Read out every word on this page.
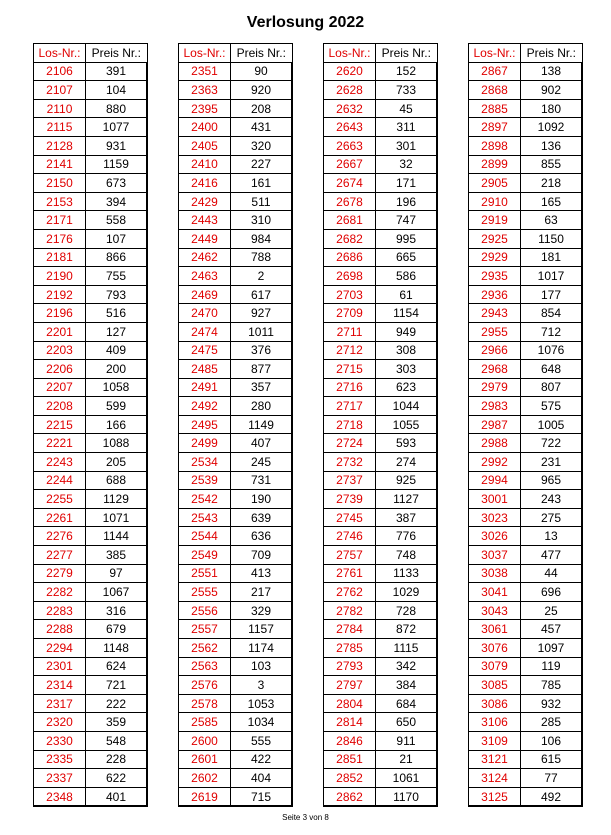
Verlosung 2022
Los-Nr.:	Preis Nr.:
2106	391
2107	104
2110	880
2115	1077
2128	931
2141	1159
2150	673
2153	394
2171	558
2176	107
2181	866
2190	755
2192	793
2196	516
2201	127
2203	409
2206	200
2207	1058
2208	599
2215	166
2221	1088
2243	205
2244	688
2255	1129
2261	1071
2276	1144
2277	385
2279	97
2282	1067
2283	316
2288	679
2294	1148
2301	624
2314	721
2317	222
2320	359
2330	548
2335	228
2337	622
2348	401
Los-Nr.:	Preis Nr.:
2351	90
2363	920
2395	208
2400	431
2405	320
2410	227
2416	161
2429	511
2443	310
2449	984
2462	788
2463	2
2469	617
2470	927
2474	1011
2475	376
2485	877
2491	357
2492	280
2495	1149
2499	407
2534	245
2539	731
2542	190
2543	639
2544	636
2549	709
2551	413
2555	217
2556	329
2557	1157
2562	1174
2563	103
2576	3
2578	1053
2585	1034
2600	555
2601	422
2602	404
2619	715
Los-Nr.:	Preis Nr.:
2620	152
2628	733
2632	45
2643	311
2663	301
2667	32
2674	171
2678	196
2681	747
2682	995
2686	665
2698	586
2703	61
2709	1154
2711	949
2712	308
2715	303
2716	623
2717	1044
2718	1055
2724	593
2732	274
2737	925
2739	1127
2745	387
2746	776
2757	748
2761	1133
2762	1029
2782	728
2784	872
2785	1115
2793	342
2797	384
2804	684
2814	650
2846	911
2851	21
2852	1061
2862	1170
Los-Nr.:	Preis Nr.:
2867	138
2868	902
2885	180
2897	1092
2898	136
2899	855
2905	218
2910	165
2919	63
2925	1150
2929	181
2935	1017
2936	177
2943	854
2955	712
2966	1076
2968	648
2979	807
2983	575
2987	1005
2988	722
2992	231
2994	965
3001	243
3023	275
3026	13
3037	477
3038	44
3041	696
3043	25
3061	457
3076	1097
3079	119
3085	785
3086	932
3106	285
3109	106
3121	615
3124	77
3125	492
Seite 3 von 8
